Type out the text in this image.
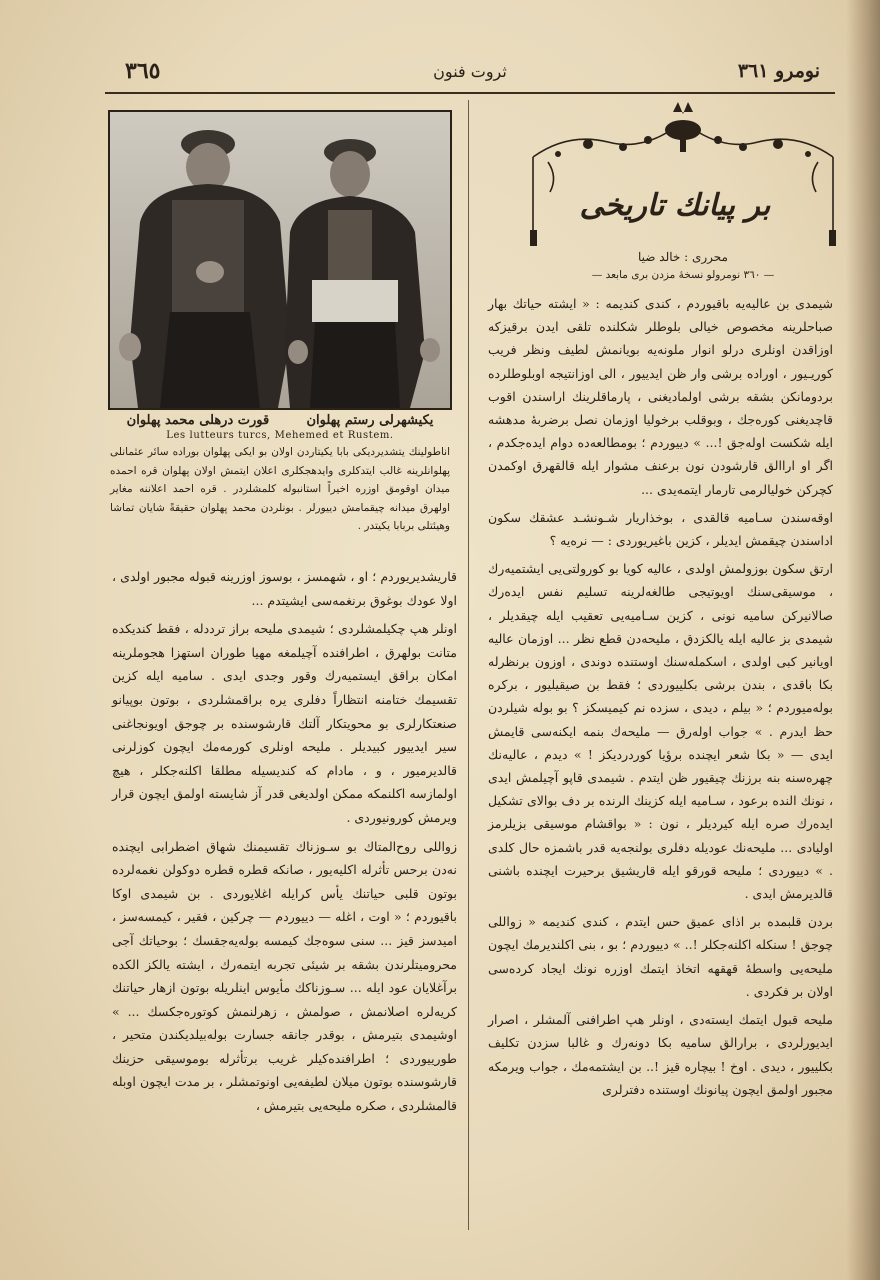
٣٦٥	ثروت فنون	نومرو ٣٦١
یکیشهرلی رستم پهلوان
قورت درهلی محمد پهلوان
Les lutteurs turcs, Mehemed et Rustem.
اناطولینك یتشدیردیكی بابا یكیتاردن اولان بو ایكی پهلوان بوراده سائر عثمانلی پهلوانلرینه غالب ایتدكلری وایدهجكلری اعلان ایتمش اولان پهلوان قره احمده میدان اوقومق اوزره اخیراً استانبوله كلمشلردر . قره احمد اعلاننه مغایر اولهرق میدانه چیقمامش دییورلر . بونلردن محمد پهلوان حقیقةً شایان تماشا وهیئتلی بربابا یكیتدر .

قاریشدیریوردم ؛ او ، شهمسز ، بوسوز اوزرینه قبوله مجبور اولدی ، اولا عودك بوغوق برنغمه‌سی ایشیتدم ...

اونلر هپ چکیلمشلردی ؛ شیمدی ملیحه براز ترددله ، فقط کندیکده متانت بولهرق ، اطرافنده آچیلمغه مهیا طوران استهزا هجوملرینه امکان براقق ایستمیه‌رك وقور وجدی ایدی . سامیه ایله کزین تقسیمك ختامنه انتظاراً دفلری یره براقمشلردی ، بوتون بوپیانو صنعتكارلری بو محویتكار آلتك قارشوسنده بر چوجق اویونجاغنی سیر ایدییور کبیدیلر . ملیحه اونلری کورمه‌مك ایچون کوزلرنی قالدیرمیور ، و ، مادام که کندیسیله مطلقا اکلنه‌جکلر ، هیچ اولمازسه اکلنمکه ممکن اولدیغی قدر آز شایسته اولمق ایچون قرار ویرمش کورونیوردی .

زواللی روح‌المتاك بو سـوزناك تقسیمنك شهاق اضطرابی ایچنده نه‌دن برحس تأثرله اکلیه‌یور ، صانکه قطره قطره دوکولن نغمه‌لرده بوتون قلبی حیاتنك یأس کرایله اغلایوردی . بن شیمدی اوکا باقیوردم ؛ « اوت ، اغله — دییوردم — چرکین ، فقیر ، کیمسه‌سز ، امیدسز قیز ... سنی سوه‌جك کیمسه بوله‌یه‌جقسك ؛ بوحیاتك آجی محرومیتلرندن بشقه بر شیئی تجربه ایتمه‌رك ، ایشته یالکز الکده برآغلایان عود ایله ... سـوزناکك مأیوس اینلریله بوتون ازهار حیاتنك کریه‌لره اصلانمش ، صولمش ، زهرلنمش کوتوره‌جکسك ... » اوشیمدی بتیرمش ، بوقدر جانقه جسارت بوله‌بیلدیکندن متحیر ، طورییوردی ؛ اطرافنده‌کیلر غریب برتأثرله بوموسیقی حزینك قارشوسنده بوتون میلان لطیفه‌یی اونوتمشلر ، بر مدت ایچون اوبله قالمشلردی ، صکره ملیحه‌یی بتیرمش ،

بر پیانك تاریخی
محرری : خالد ضیا
— ٣٦٠ نومرولو نسخهٔ مزدن بری مابعد —

شیمدی بن عالیه‌یه باقیوردم ، کندی کندیمه : « ایشته حیاتك بهار صباحلرینه مخصوص خیالی بلوطلر شکلنده تلقی ایدن برقیزكه اوزاقدن اونلری درلو انوار ملونه‌یه بویانمش لطیف ونظر فریب کوریـیور ، اوراده برشی وار ظن ایدییور ، الی اوزانتیجه اوبلوطلرده بردومانكن بشقه برشی اولمادیغنی ، پارماقلرینك اراسندن اقوب قاچدیغنی کوره‌جك ، وبوقلب برخولیا اوزمان نصل برضربهٔ مدهشه ایله شکست اوله‌جق !... » دییوردم ؛ بومطالعه‌ده دوام ایده‌جكدم ، اگر او اراالق قارشودن نون برعنف مشوار ایله قالقهرق اوکمدن کچرکن خولیالرمی تارمار ایتمه‌یدی ...

اوقه‌سندن سـامیه قالقدی ، بوخذاریار شـونشـد عشقك سکون اداسندن چیقمش ایدیلر ، کزین باغیریوردی : — نره‌یه ؟

ارتق سکون بوزولمش اولدی ، عالیه کویا بو کورولتی‌یی ایشتمیه‌رك ، موسیقی‌سنك اویوتیجی طالغه‌لرینه تسلیم نفس ایده‌رك صالانیرکن سامیه نونی ، کزین سـامیه‌یی تعقیب ایله چیقدیلر ، شیمدی بز عالیه ایله یالکزدق ، ملیحه‌دن قطع نظر ... اوزمان عالیه اویانیر کبی اولدی ، اسکمله‌سنك اوستنده دوندی ، اوزون برنظرله بكا باقدی ، بندن برشی بکلییوردی ؛ فقط بن صیقیلیور ، برکره بوله‌میوردم ؛ « بیلم ، دیدی ، سزده نم کیمیسکز ؟ بو بوله شیلردن حظ ایدرم . » جواب اوله‌رق — ملیحه‌ك بنمه ایکنه‌سی قایمش ایدی — « بكا شعر ایچنده برؤیا کوردردیکز ! » دیدم ، عالیه‌نك چهره‌سنه بنه برزنك چیقیور ظن ایتدم . شیمدی قاپو آچیلمش ایدی ، نونك النده برعود ، سـامیه ایله کزینك الرنده بر دف بوالای تشکیل ایده‌رك صره ایله کیردیلر ، نون : « بواقشام موسیقی بزیلرمز اولیادی ... ملیحه‌نك عودیله دفلری بولنجه‌یه قدر باشمزه حال کلدی . » دییوردی ؛ ملیحه قورقو ایله قاریشیق برحیرت ایچنده باشنی قالدیرمش ایدی .

بردن قلبمده بر اذای عمیق حس ایتدم ، کندی کندیمه « زواللی چوجق ! سنکله اکلنه‌جکلر !.. » دییوردم ؛ بو ، بنی اکلندیرمك ایچون ملیحه‌یی واسطهٔ قهقهه اتخاذ ایتمك اوزره نونك ایجاد کرده‌سی اولان بر فکردی .

ملیحه قبول ایتمك ایسته‌دی ، اونلر هپ اطرافنی آلمشلر ، اصرار ایدیورلردی ، برارالق سامیه بكا دونه‌رك و غالبا سزدن تکلیف بکلییور ، دیدی . اوخ ! بیچاره قیز !.. بن ایشتمه‌مك ، جواب ویرمكه مجبور اولمق ایچون پیانونك اوستنده دفترلری
